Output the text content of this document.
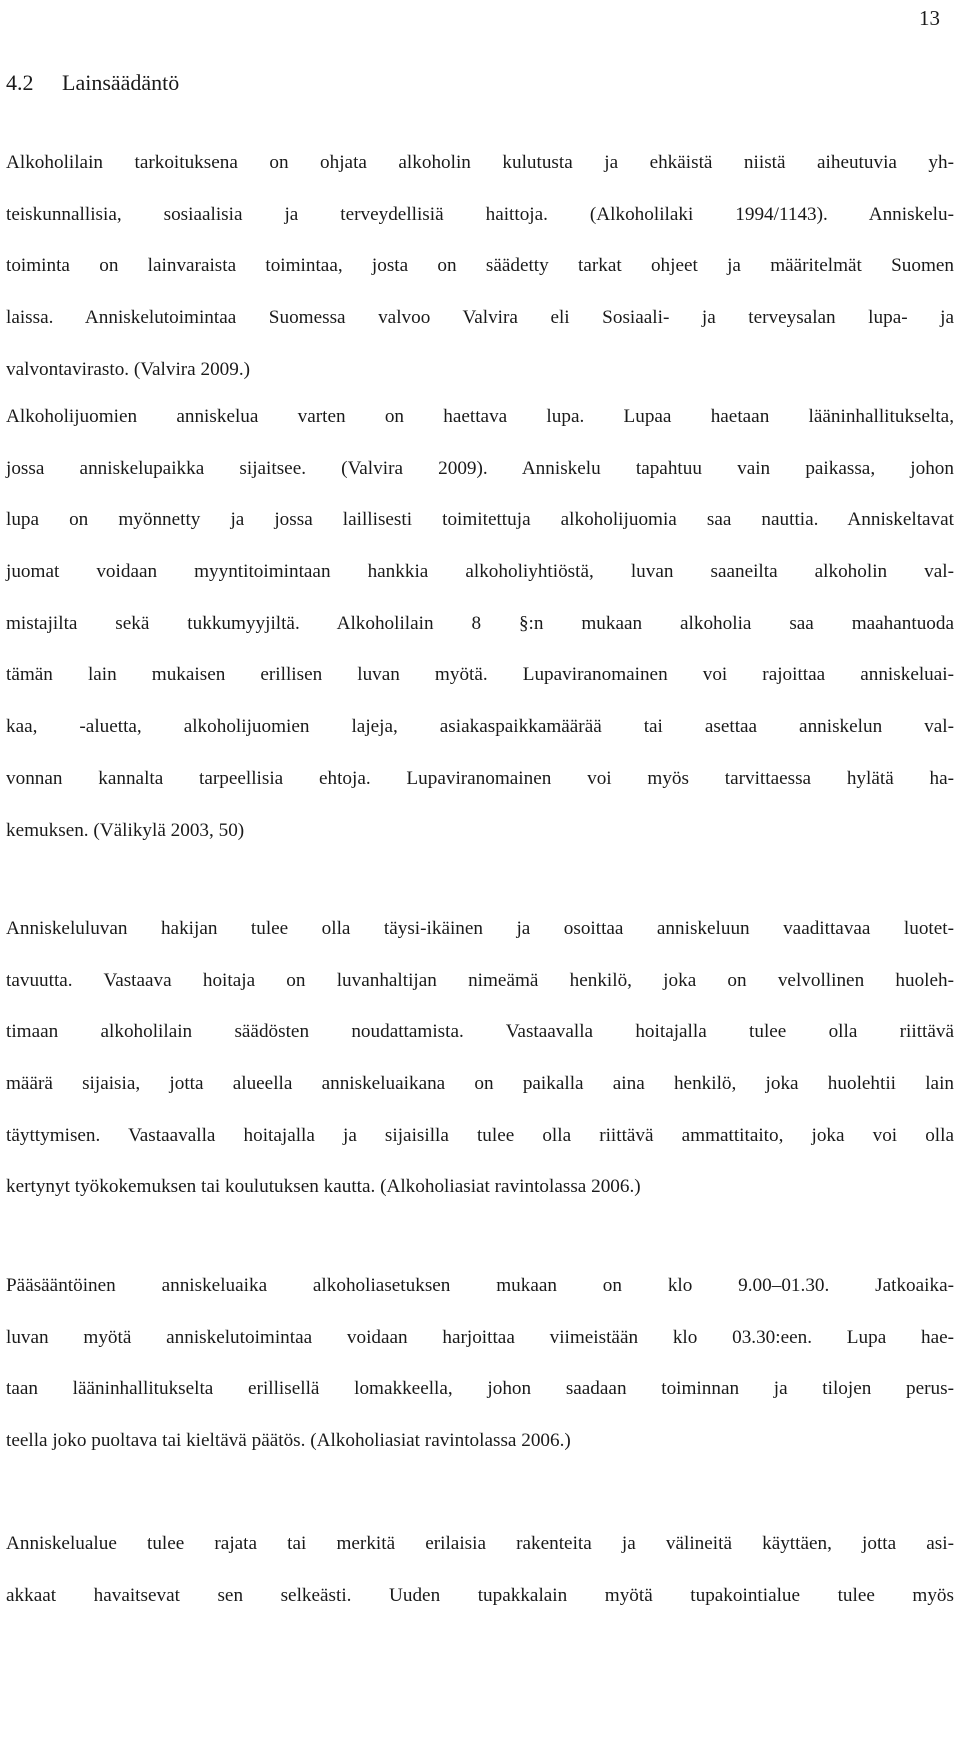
13
4.2 Lainsäädäntö
Alkoholilain tarkoituksena on ohjata alkoholin kulutusta ja ehkäistä niistä aiheutuvia yh-
teiskunnallisia, sosiaalisia ja terveydellisiä haittoja. (Alkoholilaki 1994/1143). Anniskelu-
toiminta on lainvaraista toimintaa, josta on säädetty tarkat ohjeet ja määritelmät Suomen
laissa. Anniskelutoimintaa Suomessa valvoo Valvira eli Sosiaali- ja terveysalan lupa- ja
valvontavirasto. (Valvira 2009.)
Alkoholijuomien anniskelua varten on haettava lupa. Lupaa haetaan lääninhallitukselta,
jossa anniskelupaikka sijaitsee. (Valvira 2009). Anniskelu tapahtuu vain paikassa, johon
lupa on myönnetty ja jossa laillisesti toimitettuja alkoholijuomia saa nauttia. Anniskeltavat
juomat voidaan myyntitoimintaan hankkia alkoholiyhtiöstä, luvan saaneilta alkoholin val-
mistajilta sekä tukkumyyjiltä. Alkoholilain 8 §:n mukaan alkoholia saa maahantuoda
tämän lain mukaisen erillisen luvan myötä. Lupaviranomainen voi rajoittaa anniskeluai-
kaa, -aluetta, alkoholijuomien lajeja, asiakaspaikkamäärää tai asettaa anniskelun val-
vonnan kannalta tarpeellisia ehtoja. Lupaviranomainen voi myös tarvittaessa hylätä ha-
kemuksen. (Välikylä 2003, 50)
Anniskeluluvan hakijan tulee olla täysi-ikäinen ja osoittaa anniskeluun vaadittavaa luotet-
tavuutta. Vastaava hoitaja on luvanhaltijan nimeämä henkilö, joka on velvollinen huoleh-
timaan alkoholilain säädösten noudattamista. Vastaavalla hoitajalla tulee olla riittävä
määrä sijaisia, jotta alueella anniskeluaikana on paikalla aina henkilö, joka huolehtii lain
täyttymisen. Vastaavalla hoitajalla ja sijaisilla tulee olla riittävä ammattitaito, joka voi olla
kertynyt työkokemuksen tai koulutuksen kautta. (Alkoholiasiat ravintolassa 2006.)
Pääsääntöinen anniskeluaika alkoholiasetuksen mukaan on klo 9.00–01.30. Jatkoaika-
luvan myötä anniskelutoimintaa voidaan harjoittaa viimeistään klo 03.30:een. Lupa hae-
taan lääninhallitukselta erillisellä lomakkeella, johon saadaan toiminnan ja tilojen perus-
teella joko puoltava tai kieltävä päätös. (Alkoholiasiat ravintolassa 2006.)
Anniskelualue tulee rajata tai merkitä erilaisia rakenteita ja välineitä käyttäen, jotta asi-
akkaat havaitsevat sen selkeästi. Uuden tupakkalain myötä tupakointialue tulee myös
